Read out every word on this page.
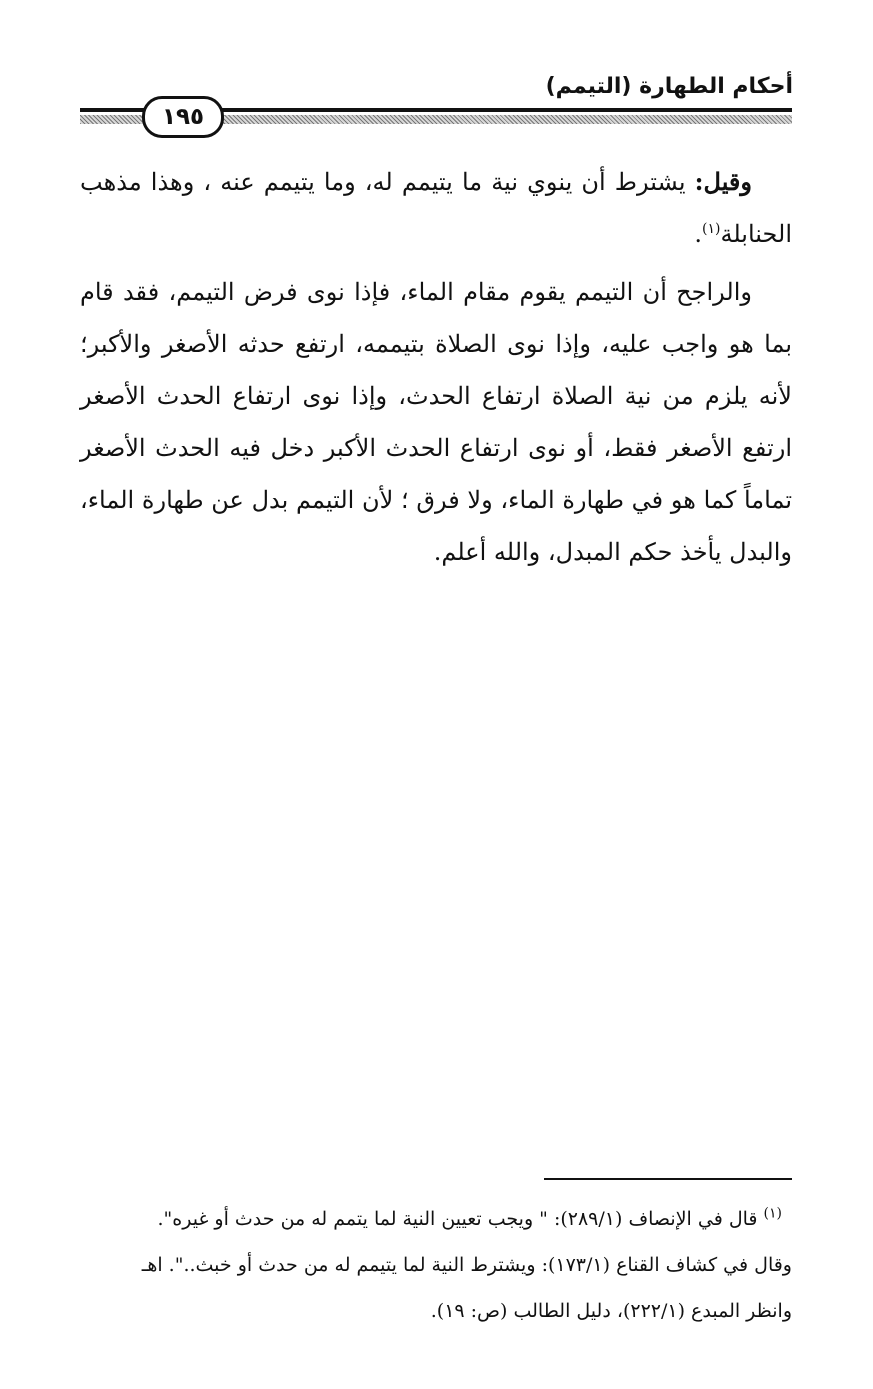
أحكام الطهارة (التيمم)
١٩٥

وقيل: يشترط أن ينوي نية ما يتيمم له، وما يتيمم عنه ، وهذا مذهب الحنابلة$^{(١)}$.

والراجح أن التيمم يقوم مقام الماء، فإذا نوى فرض التيمم، فقد قام بما هو واجب عليه، وإذا نوى الصلاة بتيممه، ارتفع حدثه الأصغر والأكبر؛ لأنه يلزم من نية الصلاة ارتفاع الحدث، وإذا نوى ارتفاع الحدث الأصغر ارتفع الأصغر فقط، أو نوى ارتفاع الحدث الأكبر دخل فيه الحدث الأصغر تماماً كما هو في طهارة الماء، ولا فرق ؛ لأن التيمم بدل عن طهارة الماء، والبدل يأخذ حكم المبدل، والله أعلم.

$^{(١)}$ قال في الإنصاف (٢٨٩/١): " ويجب تعيين النية لما يتمم له من حدث أو غيره".

وقال في كشاف القناع (١٧٣/١): ويشترط النية لما يتيمم له من حدث أو خبث..". اهـ

وانظر المبدع (٢٢٢/١)، دليل الطالب (ص: ١٩).
